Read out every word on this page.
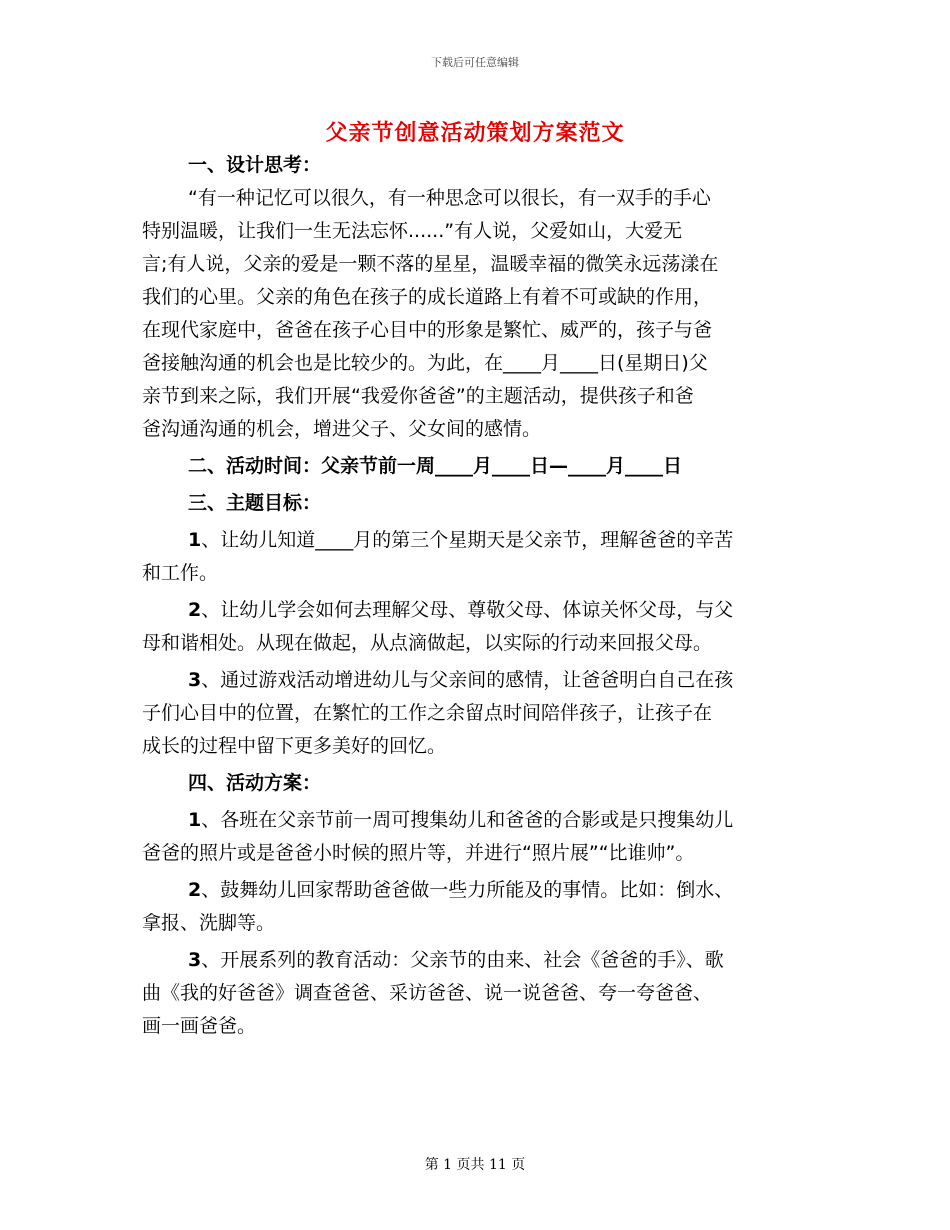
下载后可任意编辑
父亲节创意活动策划方案范文
一、设计思考：
“有一种记忆可以很久，有一种思念可以很长，有一双手的手心
特别温暖，让我们一生无法忘怀......”有人说，父爱如山，大爱无
言;有人说，父亲的爱是一颗不落的星星，温暖幸福的微笑永远荡漾在
我们的心里。父亲的角色在孩子的成长道路上有着不可或缺的作用，
在现代家庭中，爸爸在孩子心目中的形象是繁忙、威严的，孩子与爸
爸接触沟通的机会也是比较少的。为此，在____月____日(星期日)父
亲节到来之际，我们开展“我爱你爸爸”的主题活动，提供孩子和爸
爸沟通沟通的机会，增进父子、父女间的感情。
二、活动时间：父亲节前一周____月____日—____月____日
三、主题目标：
1、让幼儿知道____月的第三个星期天是父亲节，理解爸爸的辛苦
和工作。
2、让幼儿学会如何去理解父母、尊敬父母、体谅关怀父母，与父
母和谐相处。从现在做起，从点滴做起，以实际的行动来回报父母。
3、通过游戏活动增进幼儿与父亲间的感情，让爸爸明白自己在孩
子们心目中的位置，在繁忙的工作之余留点时间陪伴孩子，让孩子在
成长的过程中留下更多美好的回忆。
四、活动方案：
1、各班在父亲节前一周可搜集幼儿和爸爸的合影或是只搜集幼儿
爸爸的照片或是爸爸小时候的照片等，并进行“照片展”“比谁帅”。
2、鼓舞幼儿回家帮助爸爸做一些力所能及的事情。比如：倒水、
拿报、洗脚等。
3、开展系列的教育活动：父亲节的由来、社会《爸爸的手》、歌
曲《我的好爸爸》调查爸爸、采访爸爸、说一说爸爸、夸一夸爸爸、
画一画爸爸。
第 1 页共 11 页
